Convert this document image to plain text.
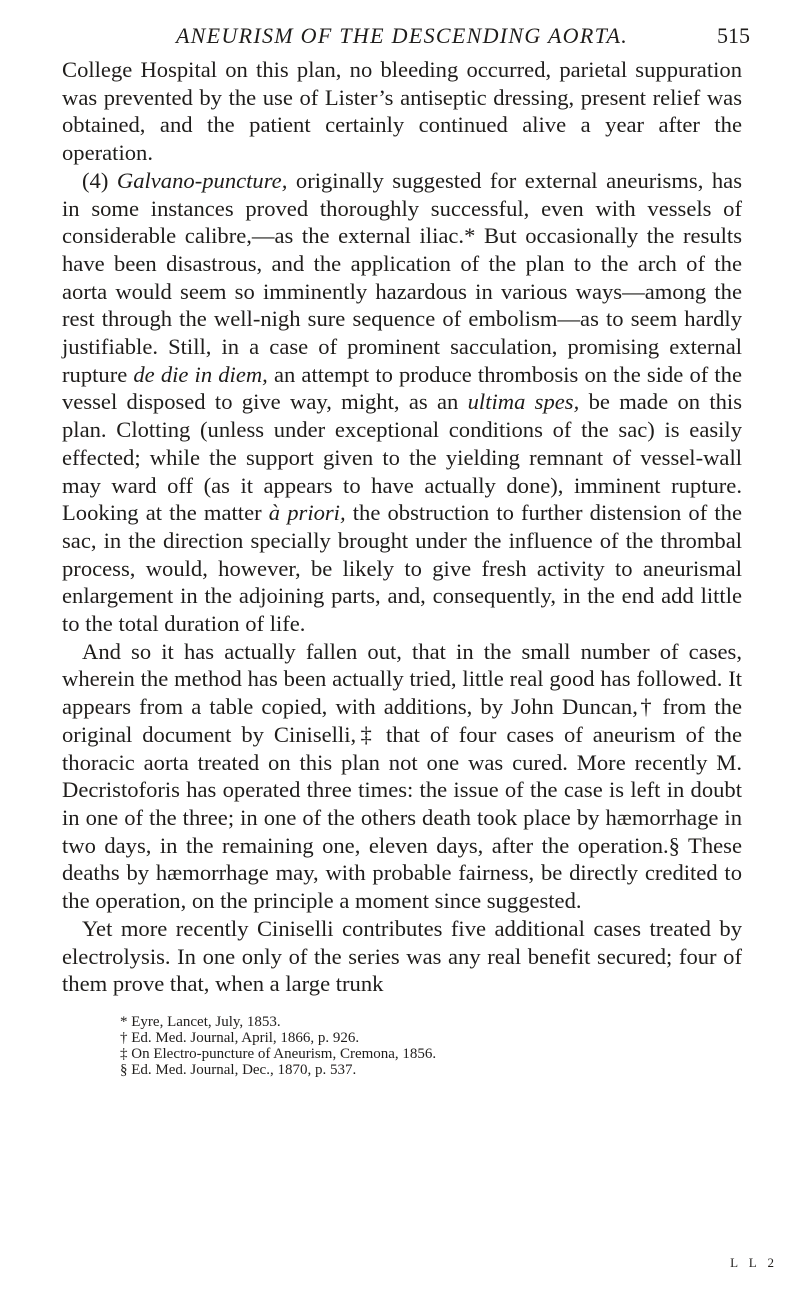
ANEURISM OF THE DESCENDING AORTA.	515

College Hospital on this plan, no bleeding occurred, parietal suppuration was prevented by the use of Lister’s antiseptic dressing, present relief was obtained, and the patient certainly continued alive a year after the operation.

(4) Galvano-puncture, originally suggested for external aneurisms, has in some instances proved thoroughly successful, even with vessels of considerable calibre,—as the external iliac.* But occasionally the results have been disastrous, and the application of the plan to the arch of the aorta would seem so imminently hazardous in various ways—among the rest through the well-nigh sure sequence of embolism—as to seem hardly justifiable. Still, in a case of prominent sacculation, promising external rupture de die in diem, an attempt to produce thrombosis on the side of the vessel disposed to give way, might, as an ultima spes, be made on this plan. Clotting (unless under exceptional conditions of the sac) is easily effected; while the support given to the yielding remnant of vessel-wall may ward off (as it appears to have actually done), imminent rupture. Looking at the matter à priori, the obstruction to further distension of the sac, in the direction specially brought under the influence of the thrombal process, would, however, be likely to give fresh activity to aneurismal enlargement in the adjoining parts, and, consequently, in the end add little to the total duration of life.

And so it has actually fallen out, that in the small number of cases, wherein the method has been actually tried, little real good has followed. It appears from a table copied, with additions, by John Duncan,† from the original document by Ciniselli,‡ that of four cases of aneurism of the thoracic aorta treated on this plan not one was cured. More recently M. Decristoforis has operated three times: the issue of the case is left in doubt in one of the three; in one of the others death took place by hæmorrhage in two days, in the remaining one, eleven days, after the operation.§ These deaths by hæmorrhage may, with probable fairness, be directly credited to the operation, on the principle a moment since suggested.

Yet more recently Ciniselli contributes five additional cases treated by electrolysis. In one only of the series was any real benefit secured; four of them prove that, when a large trunk

* Eyre, Lancet, July, 1853.
† Ed. Med. Journal, April, 1866, p. 926.
‡ On Electro-puncture of Aneurism, Cremona, 1856.
§ Ed. Med. Journal, Dec., 1870, p. 537.
L L 2
